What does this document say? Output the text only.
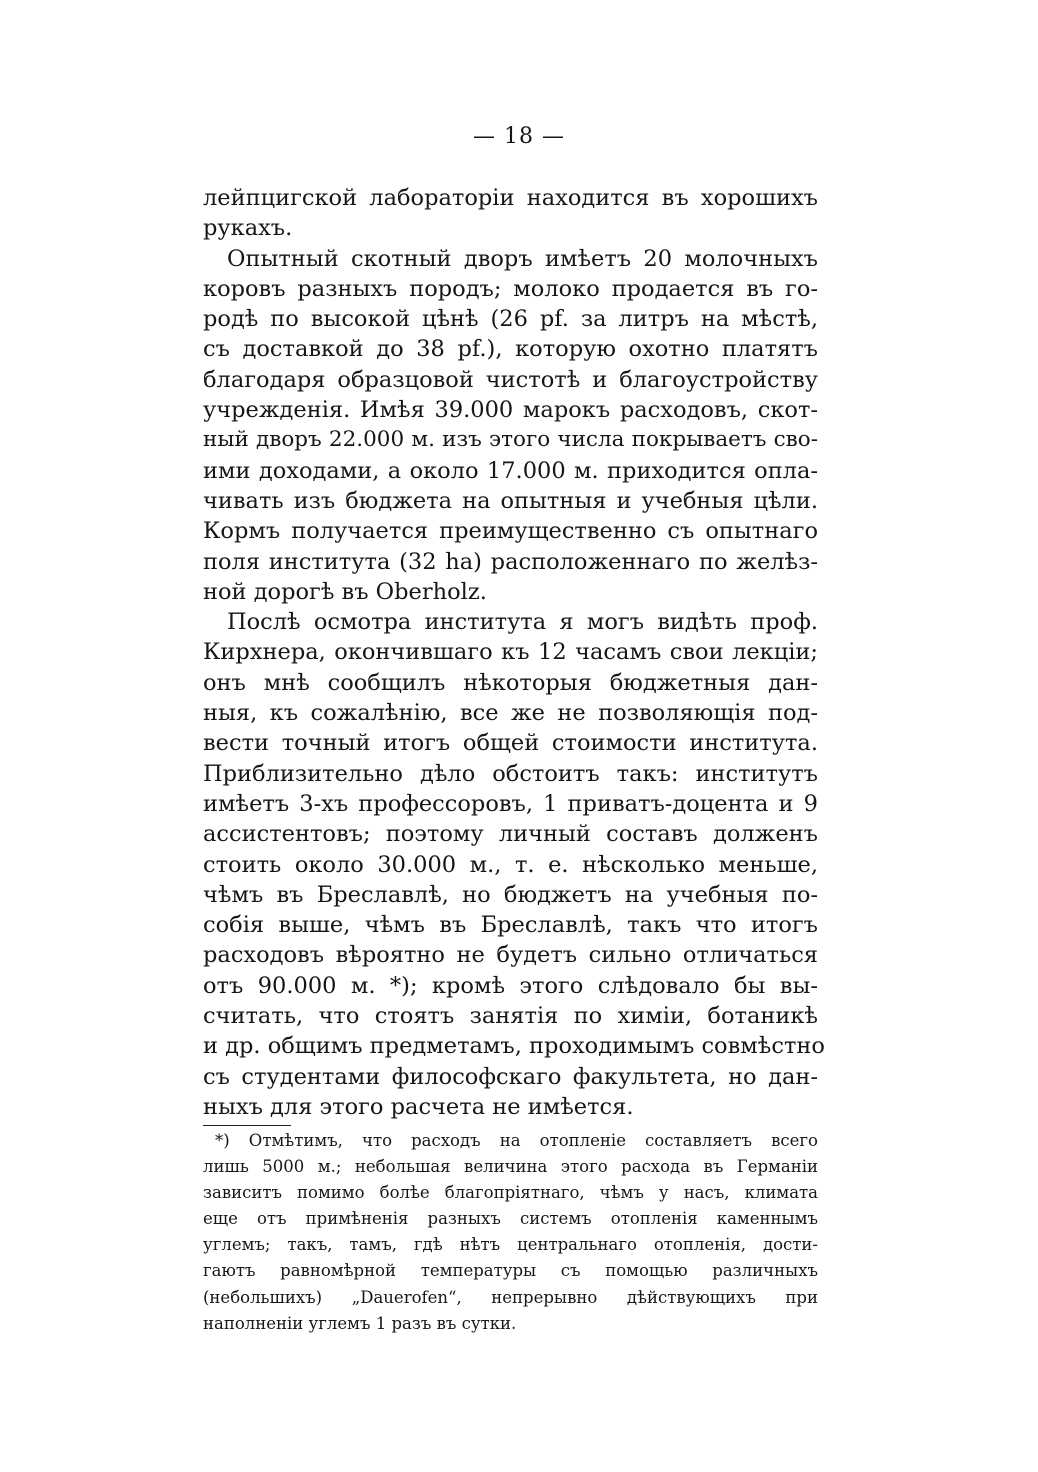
— 18 —
лейпцигской лабораторіи находится въ хорошихъ
рукахъ.
Опытный скотный дворъ имѣетъ 20 молочныхъ
коровъ разныхъ породъ; молоко продается въ го-
родѣ по высокой цѣнѣ (26 pf. за литръ на мѣстѣ,
съ доставкой до 38 pf.), которую охотно платятъ
благодаря образцовой чистотѣ и благоустройству
учрежденія. Имѣя 39.000 марокъ расходовъ, скот-
ный дворъ 22.000 м. изъ этого числа покрываетъ сво-
ими доходами, а около 17.000 м. приходится опла-
чивать изъ бюджета на опытныя и учебныя цѣли.
Кормъ получается преимущественно съ опытнаго
поля института (32 ha) расположеннаго по желѣз-
ной дорогѣ въ Oberholz.
Послѣ осмотра института я могъ видѣть проф.
Кирхнера, окончившаго къ 12 часамъ свои лекціи;
онъ мнѣ сообщилъ нѣкоторыя бюджетныя дан-
ныя, къ сожалѣнію, все же не позволяющія под-
вести точный итогъ общей стоимости института.
Приблизительно дѣло обстоитъ такъ: институтъ
имѣетъ 3-хъ профессоровъ, 1 приватъ-доцента и 9
ассистентовъ; поэтому личный составъ долженъ
стоить около 30.000 м., т. е. нѣсколько меньше,
чѣмъ въ Бреславлѣ, но бюджетъ на учебныя по-
собія выше, чѣмъ въ Бреславлѣ, такъ что итогъ
расходовъ вѣроятно не будетъ сильно отличаться
отъ 90.000 м. *); кромѣ этого слѣдовало бы вы-
считать, что стоятъ занятія по химіи, ботаникѣ
и др. общимъ предметамъ, проходимымъ совмѣстно
съ студентами философскаго факультета, но дан-
ныхъ для этого расчета не имѣется.
*) Отмѣтимъ, что расходъ на отопленіе составляетъ всего
лишь 5000 м.; небольшая величина этого расхода въ Германіи
зависитъ помимо болѣе благопріятнаго, чѣмъ у насъ, климата
еще отъ примѣненія разныхъ системъ отопленія каменнымъ
углемъ; такъ, тамъ, гдѣ нѣтъ центральнаго отопленія, дости-
гаютъ равномѣрной температуры съ помощью различныхъ
(небольшихъ) „Dauerofen“, непрерывно дѣйствующихъ при
наполненіи углемъ 1 разъ въ сутки.
